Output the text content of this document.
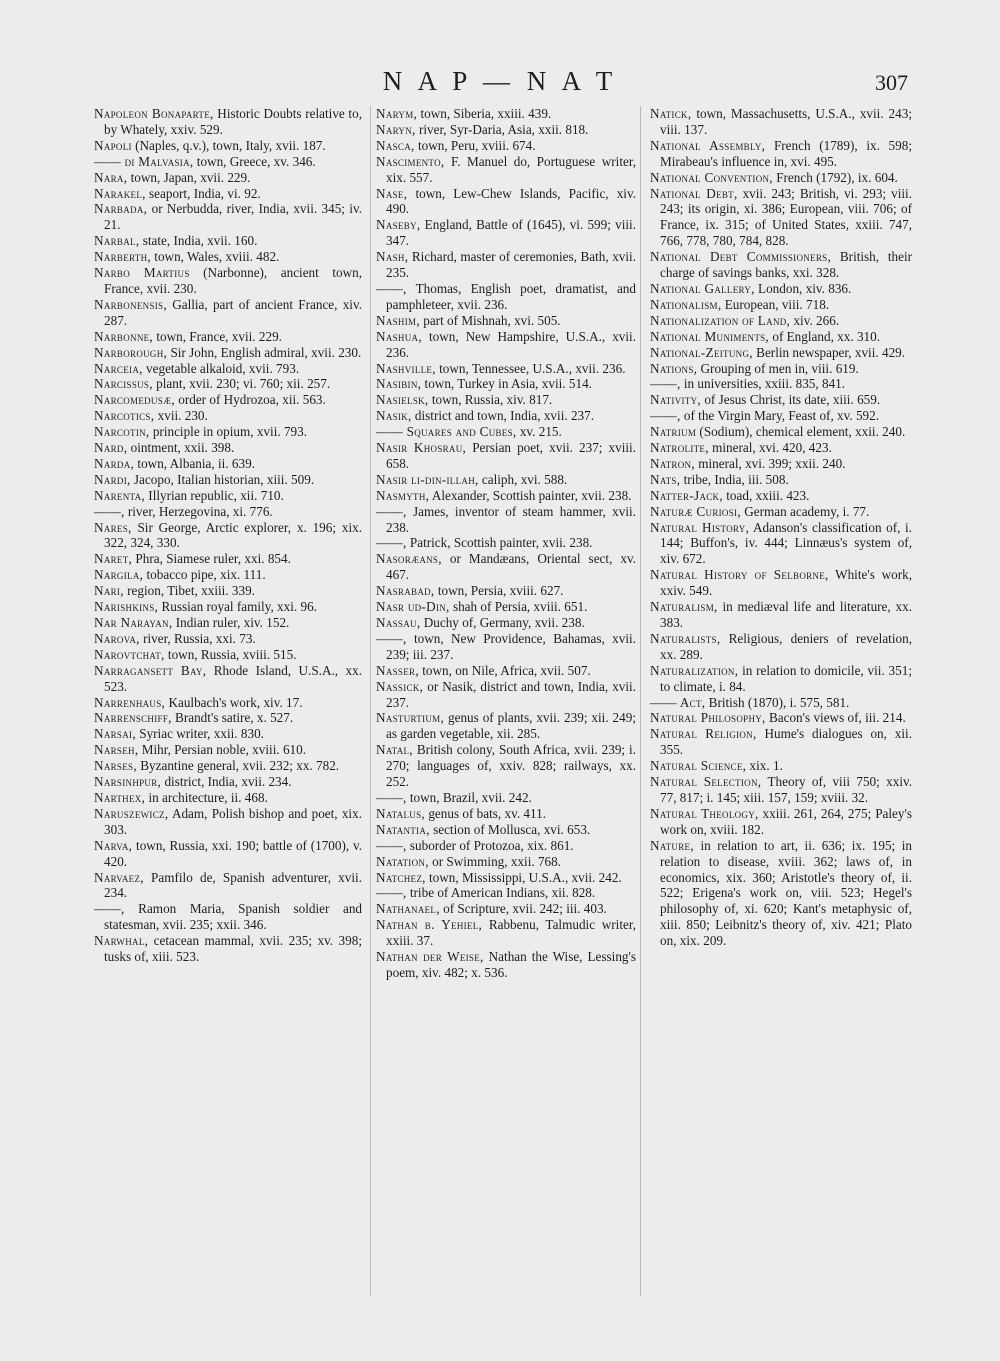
N A P — N A T	307

Napoleon Bonaparte, Historic Doubts relative to, by Whately, xxiv. 529.

Napoli (Naples, q.v.), town, Italy, xvii. 187.

—— di Malvasia, town, Greece, xv. 346.

Nara, town, Japan, xvii. 229.

Narakel, seaport, India, vi. 92.

Narbada, or Nerbudda, river, India, xvii. 345; iv. 21.

Narbal, state, India, xvii. 160.

Narberth, town, Wales, xviii. 482.

Narbo Martius (Narbonne), ancient town, France, xvii. 230.

Narbonensis, Gallia, part of ancient France, xiv. 287.

Narbonne, town, France, xvii. 229.

Narborough, Sir John, English admiral, xvii. 230.

Narceia, vegetable alkaloid, xvii. 793.

Narcissus, plant, xvii. 230; vi. 760; xii. 257.

Narcomedusæ, order of Hydrozoa, xii. 563.

Narcotics, xvii. 230.

Narcotin, principle in opium, xvii. 793.

Nard, ointment, xxii. 398.

Narda, town, Albania, ii. 639.

Nardi, Jacopo, Italian historian, xiii. 509.

Narenta, Illyrian republic, xii. 710.

——, river, Herzegovina, xi. 776.

Nares, Sir George, Arctic explorer, x. 196; xix. 322, 324, 330.

Naret, Phra, Siamese ruler, xxi. 854.

Nargila, tobacco pipe, xix. 111.

Nari, region, Tibet, xxiii. 339.

Narishkins, Russian royal family, xxi. 96.

Nar Narayan, Indian ruler, xiv. 152.

Narova, river, Russia, xxi. 73.

Narovtchat, town, Russia, xviii. 515.

Narragansett Bay, Rhode Island, U.S.A., xx. 523.

Narrenhaus, Kaulbach's work, xiv. 17.

Narrenschiff, Brandt's satire, x. 527.

Narsai, Syriac writer, xxii. 830.

Narseh, Mihr, Persian noble, xviii. 610.

Narses, Byzantine general, xvii. 232; xx. 782.

Narsinhpur, district, India, xvii. 234.

Narthex, in architecture, ii. 468.

Naruszewicz, Adam, Polish bishop and poet, xix. 303.

Narva, town, Russia, xxi. 190; battle of (1700), v. 420.

Narvaez, Pamfilo de, Spanish adventurer, xvii. 234.

——, Ramon Maria, Spanish soldier and statesman, xvii. 235; xxii. 346.

Narwhal, cetacean mammal, xvii. 235; xv. 398; tusks of, xiii. 523.

Narym, town, Siberia, xxiii. 439.

Naryn, river, Syr-Daria, Asia, xxii. 818.

Nasca, town, Peru, xviii. 674.

Nascimento, F. Manuel do, Portuguese writer, xix. 557.

Nase, town, Lew-Chew Islands, Pacific, xiv. 490.

Naseby, England, Battle of (1645), vi. 599; viii. 347.

Nash, Richard, master of ceremonies, Bath, xvii. 235.

——, Thomas, English poet, dramatist, and pamphleteer, xvii. 236.

Nashim, part of Mishnah, xvi. 505.

Nashua, town, New Hampshire, U.S.A., xvii. 236.

Nashville, town, Tennessee, U.S.A., xvii. 236.

Nasibin, town, Turkey in Asia, xvii. 514.

Nasielsk, town, Russia, xiv. 817.

Nasik, district and town, India, xvii. 237.

—— Squares and Cubes, xv. 215.

Nasir Khosrau, Persian poet, xvii. 237; xviii. 658.

Nasir li-din-illah, caliph, xvi. 588.

Nasmyth, Alexander, Scottish painter, xvii. 238.

——, James, inventor of steam hammer, xvii. 238.

——, Patrick, Scottish painter, xvii. 238.

Nasoræans, or Mandæans, Oriental sect, xv. 467.

Nasrabad, town, Persia, xviii. 627.

Nasr ud-Din, shah of Persia, xviii. 651.

Nassau, Duchy of, Germany, xvii. 238.

——, town, New Providence, Bahamas, xvii. 239; iii. 237.

Nasser, town, on Nile, Africa, xvii. 507.

Nassick, or Nasik, district and town, India, xvii. 237.

Nasturtium, genus of plants, xvii. 239; xii. 249; as garden vegetable, xii. 285.

Natal, British colony, South Africa, xvii. 239; i. 270; languages of, xxiv. 828; railways, xx. 252.

——, town, Brazil, xvii. 242.

Natalus, genus of bats, xv. 411.

Natantia, section of Mollusca, xvi. 653.

——, suborder of Protozoa, xix. 861.

Natation, or Swimming, xxii. 768.

Natchez, town, Mississippi, U.S.A., xvii. 242.

——, tribe of American Indians, xii. 828.

Nathanael, of Scripture, xvii. 242; iii. 403.

Nathan b. Yehiel, Rabbenu, Talmudic writer, xxiii. 37.

Nathan der Weise, Nathan the Wise, Lessing's poem, xiv. 482; x. 536.

Natick, town, Massachusetts, U.S.A., xvii. 243; viii. 137.

National Assembly, French (1789), ix. 598; Mirabeau's influence in, xvi. 495.

National Convention, French (1792), ix. 604.

National Debt, xvii. 243; British, vi. 293; viii. 243; its origin, xi. 386; European, viii. 706; of France, ix. 315; of United States, xxiii. 747, 766, 778, 780, 784, 828.

National Debt Commissioners, British, their charge of savings banks, xxi. 328.

National Gallery, London, xiv. 836.

Nationalism, European, viii. 718.

Nationalization of Land, xiv. 266.

National Muniments, of England, xx. 310.

National-Zeitung, Berlin newspaper, xvii. 429.

Nations, Grouping of men in, viii. 619.

——, in universities, xxiii. 835, 841.

Nativity, of Jesus Christ, its date, xiii. 659.

——, of the Virgin Mary, Feast of, xv. 592.

Natrium (Sodium), chemical element, xxii. 240.

Natrolite, mineral, xvi. 420, 423.

Natron, mineral, xvi. 399; xxii. 240.

Nats, tribe, India, iii. 508.

Natter-Jack, toad, xxiii. 423.

Naturæ Curiosi, German academy, i. 77.

Natural History, Adanson's classification of, i. 144; Buffon's, iv. 444; Linnæus's system of, xiv. 672.

Natural History of Selborne, White's work, xxiv. 549.

Naturalism, in mediæval life and literature, xx. 383.

Naturalists, Religious, deniers of revelation, xx. 289.

Naturalization, in relation to domicile, vii. 351; to climate, i. 84.

—— Act, British (1870), i. 575, 581.

Natural Philosophy, Bacon's views of, iii. 214.

Natural Religion, Hume's dialogues on, xii. 355.

Natural Science, xix. 1.

Natural Selection, Theory of, viii 750; xxiv. 77, 817; i. 145; xiii. 157, 159; xviii. 32.

Natural Theology, xxiii. 261, 264, 275; Paley's work on, xviii. 182.

Nature, in relation to art, ii. 636; ix. 195; in relation to disease, xviii. 362; laws of, in economics, xix. 360; Aristotle's theory of, ii. 522; Erigena's work on, viii. 523; Hegel's philosophy of, xi. 620; Kant's metaphysic of, xiii. 850; Leibnitz's theory of, xiv. 421; Plato on, xix. 209.
